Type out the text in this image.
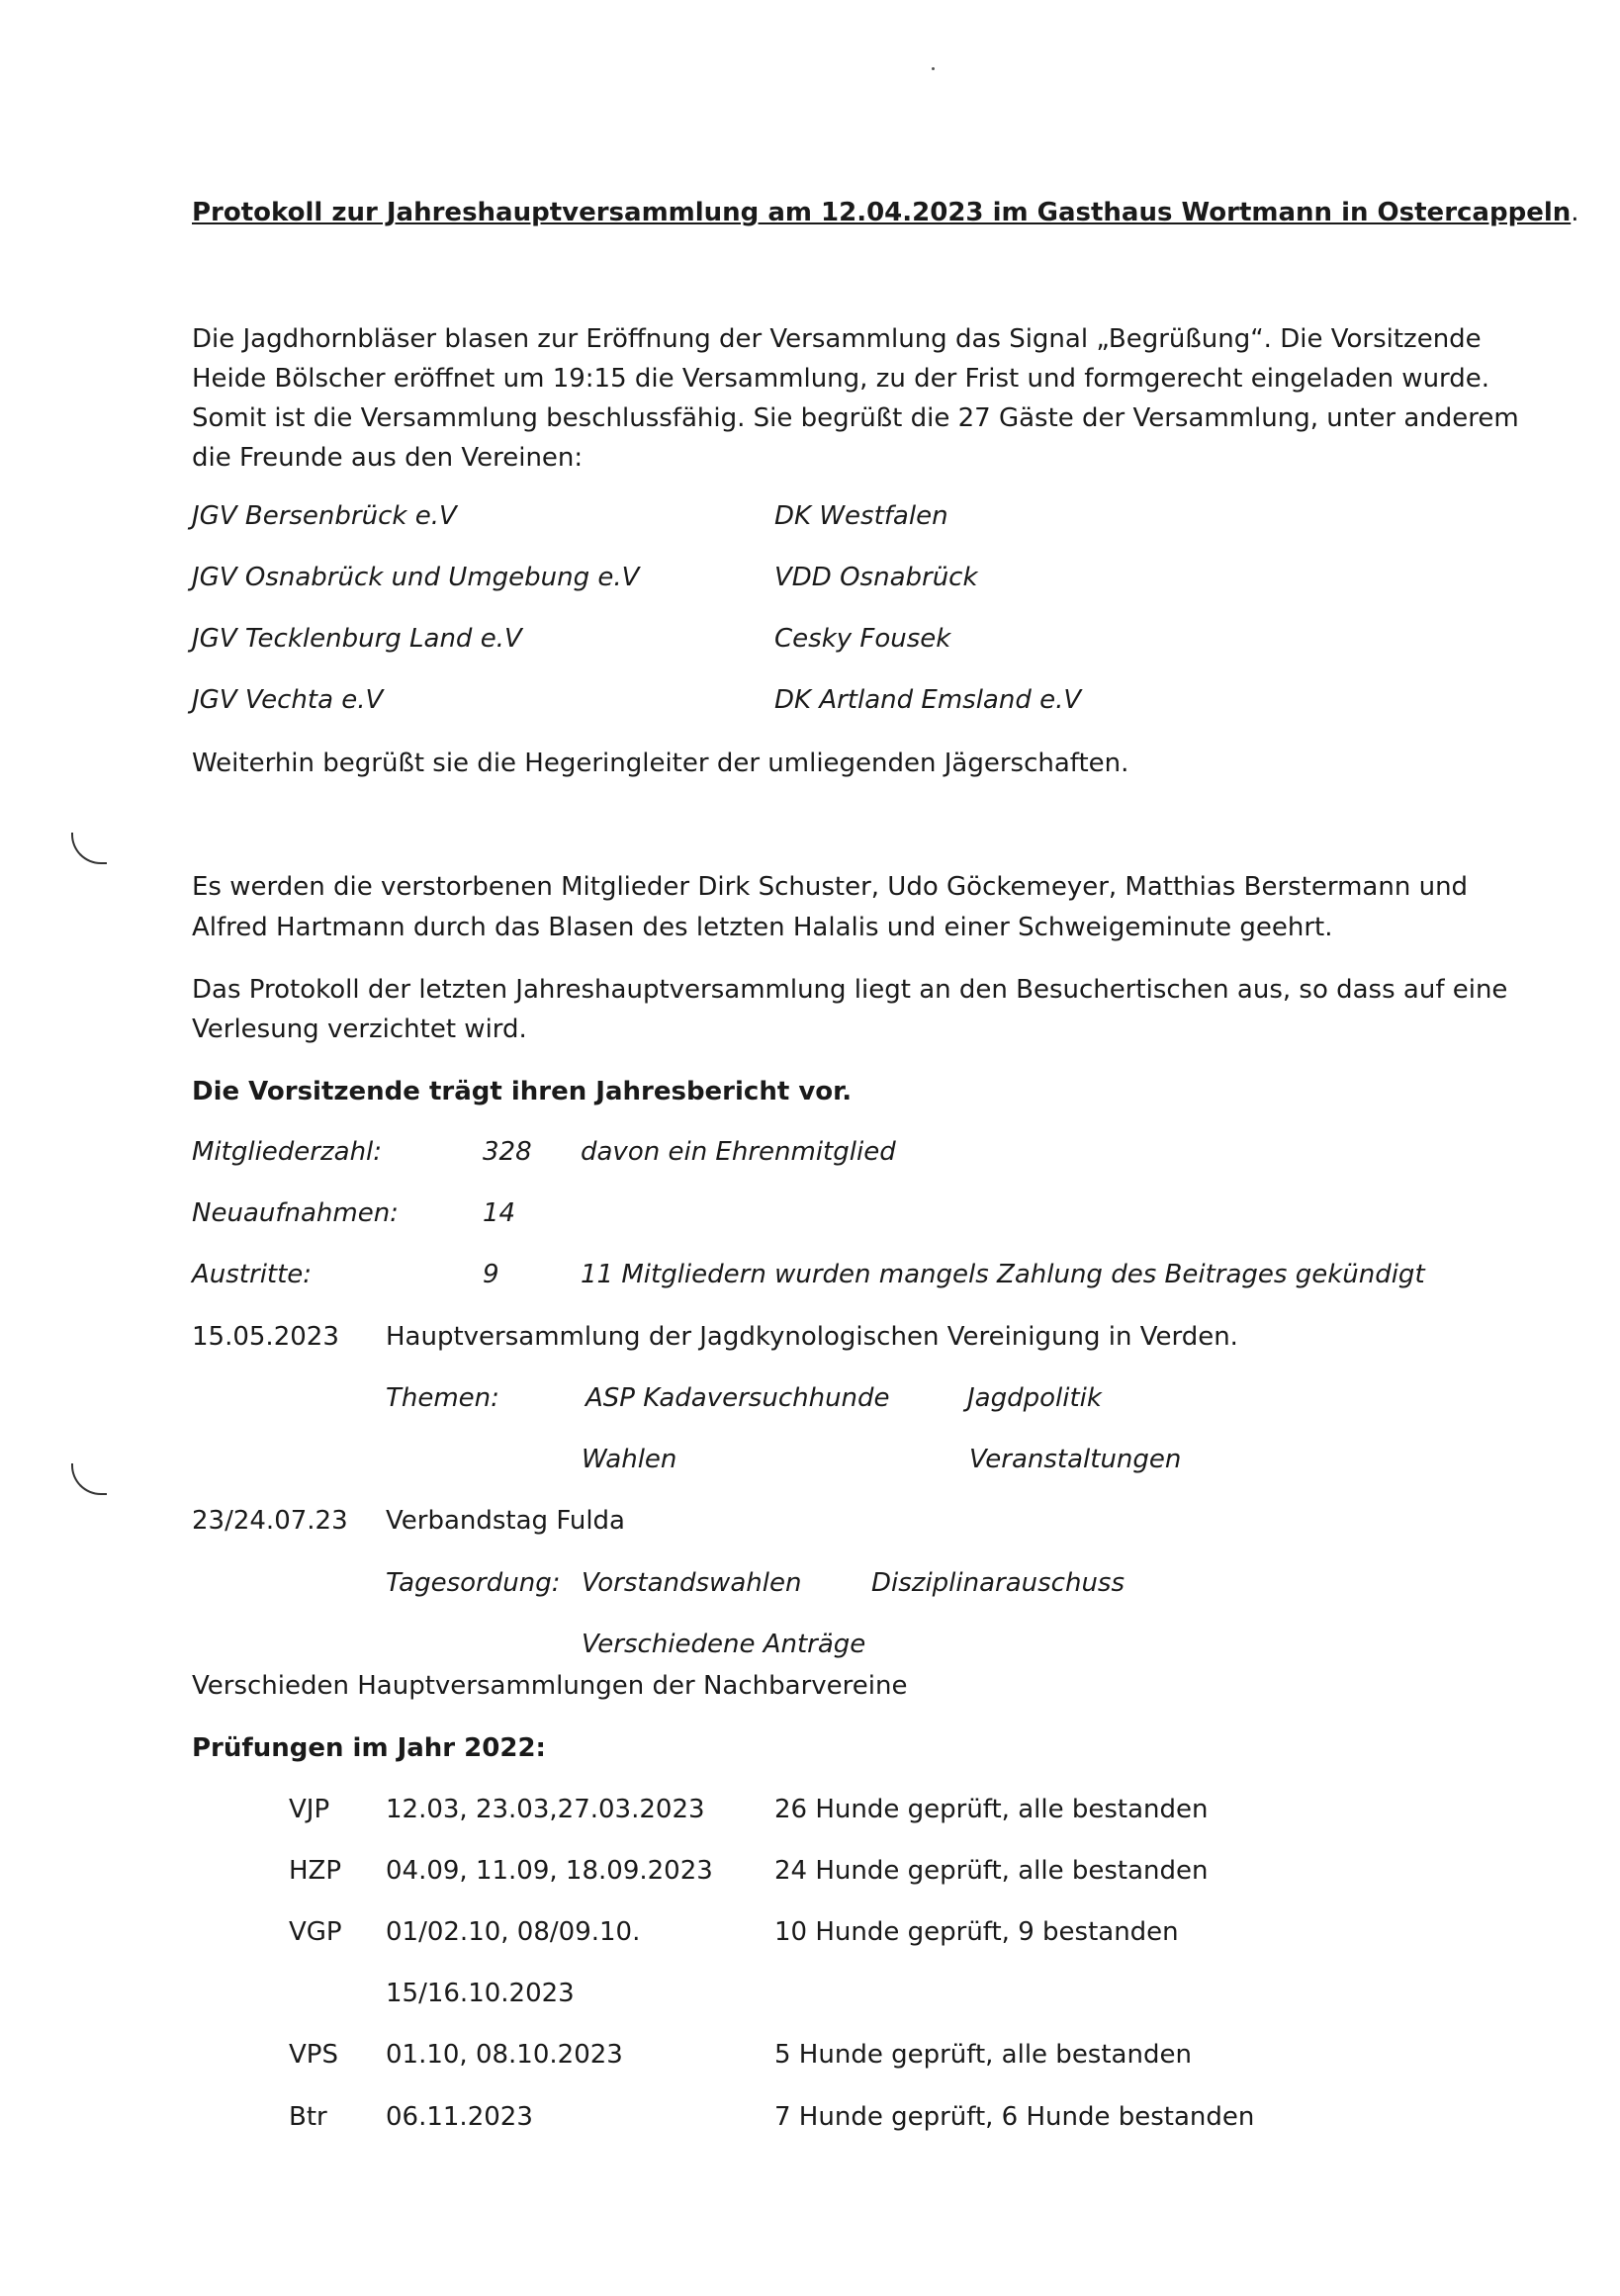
Protokoll zur Jahreshauptversammlung am 12.04.2023 im Gasthaus Wortmann in Ostercappeln.
Die Jagdhornbläser blasen zur Eröffnung der Versammlung das Signal „Begrüßung“. Die Vorsitzende
Heide Bölscher eröffnet um 19:15 die Versammlung, zu der Frist und formgerecht eingeladen wurde.
Somit ist die Versammlung beschlussfähig. Sie begrüßt die 27 Gäste der Versammlung, unter anderem
die Freunde aus den Vereinen:
JGV Bersenbrück e.V	DK Westfalen
JGV Osnabrück und Umgebung e.V	VDD Osnabrück
JGV Tecklenburg Land e.V	Cesky Fousek
JGV Vechta e.V	DK Artland Emsland e.V
Weiterhin begrüßt sie die Hegeringleiter der umliegenden Jägerschaften.
Es werden die verstorbenen Mitglieder Dirk Schuster, Udo Göckemeyer, Matthias Berstermann und
Alfred Hartmann durch das Blasen des letzten Halalis und einer Schweigeminute geehrt.
Das Protokoll der letzten Jahreshauptversammlung liegt an den Besuchertischen aus, so dass auf eine
Verlesung verzichtet wird.
Die Vorsitzende trägt ihren Jahresbericht vor.
Mitgliederzahl:	328 davon ein Ehrenmitglied
Neuaufnahmen:	14
Austritte:	9	11 Mitgliedern wurden mangels Zahlung des Beitrages gekündigt
15.05.2023 Hauptversammlung der Jagdkynologischen Vereinigung in Verden.
Themen:	ASP Kadaversuchhunde	Jagdpolitik
Wahlen	Veranstaltungen
23/24.07.23 Verbandstag Fulda
Tagesordung: Vorstandswahlen	Disziplinarauschuss
Verschiedene Anträge
Verschieden Hauptversammlungen der Nachbarvereine
Prüfungen im Jahr 2022:
VJP 12.03, 23.03,27.03.2023	26 Hunde geprüft, alle bestanden
HZP 04.09, 11.09, 18.09.2023 24 Hunde geprüft, alle bestanden
VGP 01/02.10, 08/09.10.	10 Hunde geprüft, 9 bestanden
15/16.10.2023
VPS 01.10, 08.10.2023	5 Hunde geprüft, alle bestanden
Btr 06.11.2023	7 Hunde geprüft, 6 Hunde bestanden
